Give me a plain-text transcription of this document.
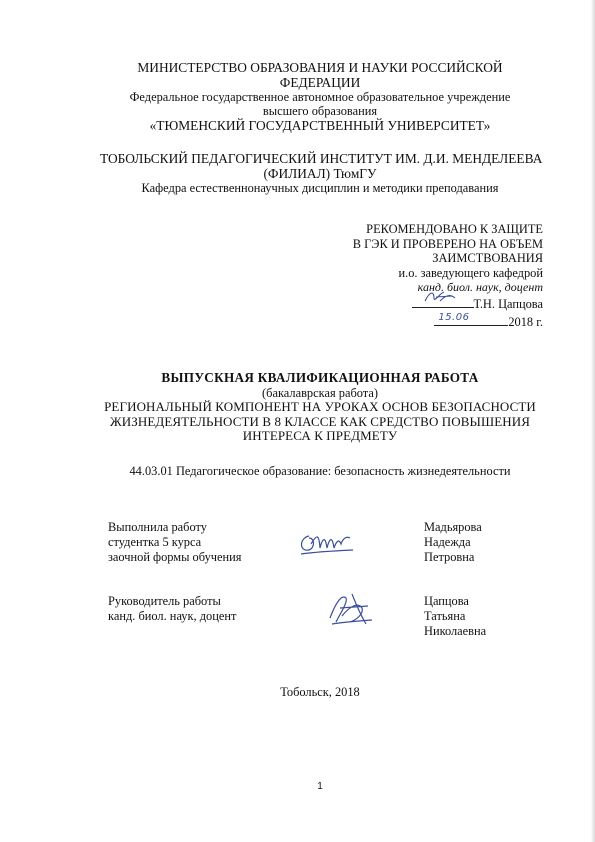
МИНИСТЕРСТВО ОБРАЗОВАНИЯ И НАУКИ РОССИЙСКОЙ
ФЕДЕРАЦИИ
Федеральное государственное автономное образовательное учреждение
высшего образования
«ТЮМЕНСКИЙ ГОСУДАРСТВЕННЫЙ УНИВЕРСИТЕТ»
ТОБОЛЬСКИЙ ПЕДАГОГИЧЕСКИЙ ИНСТИТУТ ИМ. Д.И. МЕНДЕЛЕЕВА
(ФИЛИАЛ) ТюмГУ
Кафедра естественнонаучных дисциплин и методики преподавания
РЕКОМЕНДОВАНО К ЗАЩИТЕ
В ГЭК И ПРОВЕРЕНО НА ОБЪЕМ
ЗАИМСТВОВАНИЯ
и.о. заведующего кафедрой
канд. биол. наук, доцент
Т.Н. Цапцова
15.06	2018 г.
ВЫПУСКНАЯ КВАЛИФИКАЦИОННАЯ РАБОТА
(бакалаврская работа)
РЕГИОНАЛЬНЫЙ КОМПОНЕНТ НА УРОКАХ ОСНОВ БЕЗОПАСНОСТИ
ЖИЗНЕДЕЯТЕЛЬНОСТИ В 8 КЛАССЕ КАК СРЕДСТВО ПОВЫШЕНИЯ
ИНТЕРЕСА К ПРЕДМЕТУ
44.03.01 Педагогическое образование: безопасность жизнедеятельности
Выполнила работу
студентка 5 курса
заочной формы обучения
Мадьярова
Надежда
Петровна
Руководитель работы
канд. биол. наук, доцент
Цапцова
Татьяна
Николаевна
Тобольск, 2018
1
